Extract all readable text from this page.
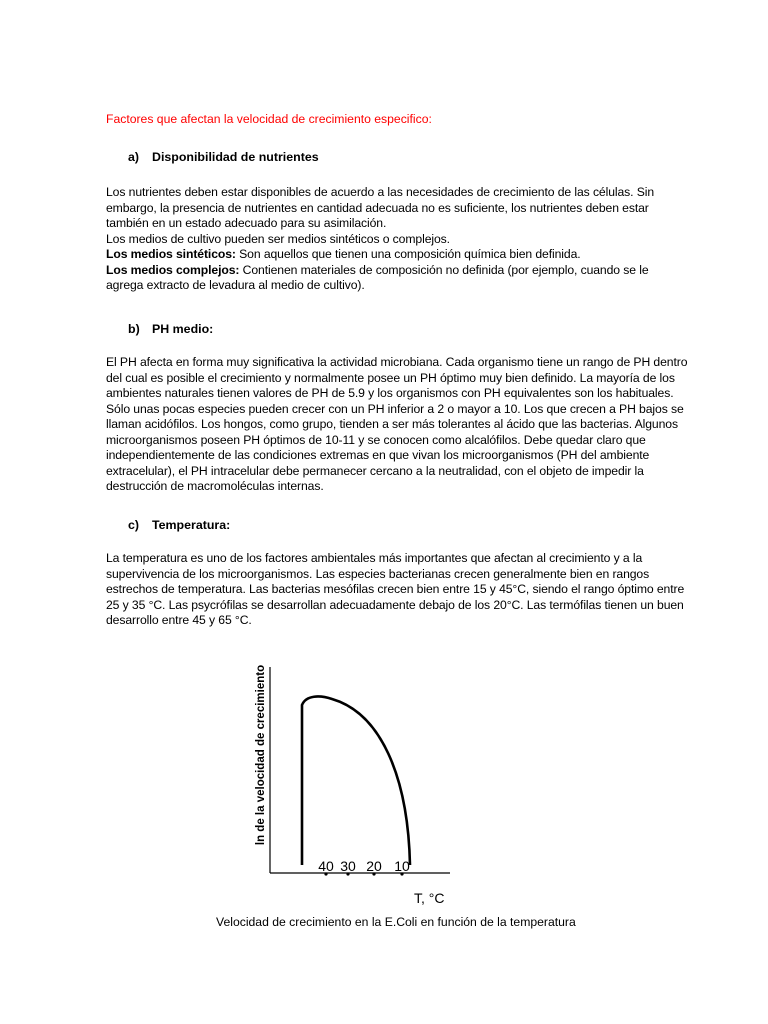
Factores que afectan la velocidad de crecimiento especifico:
a) Disponibilidad de nutrientes
Los nutrientes deben estar disponibles de acuerdo a las necesidades de crecimiento de las células. Sin
embargo, la presencia de nutrientes en cantidad adecuada no es suficiente, los nutrientes deben estar
también en un estado adecuado para su asimilación.
Los medios de cultivo pueden ser medios sintéticos o complejos.
Los medios sintéticos: Son aquellos que tienen una composición química bien definida.
Los medios complejos: Contienen materiales de composición no definida (por ejemplo, cuando se le
agrega extracto de levadura al medio de cultivo).
b) PH medio:
El PH afecta en forma muy significativa la actividad microbiana. Cada organismo tiene un rango de PH dentro
del cual es posible el crecimiento y normalmente posee un PH óptimo muy bien definido. La mayoría de los
ambientes naturales tienen valores de PH de 5.9 y los organismos con PH equivalentes son los habituales.
Sólo unas pocas especies pueden crecer con un PH inferior a 2 o mayor a 10. Los que crecen a PH bajos se
llaman acidófilos. Los hongos, como grupo, tienden a ser más tolerantes al ácido que las bacterias. Algunos
microorganismos poseen PH óptimos de 10-11 y se conocen como alcalófilos. Debe quedar claro que
independientemente de las condiciones extremas en que vivan los microorganismos (PH del ambiente
extracelular), el PH intracelular debe permanecer cercano a la neutralidad, con el objeto de impedir la
destrucción de macromoléculas internas.
c) Temperatura:
La temperatura es uno de los factores ambientales más importantes que afectan al crecimiento y a la
supervivencia de los microorganismos. Las especies bacterianas crecen generalmente bien en rangos
estrechos de temperatura. Las bacterias mesófilas crecen bien entre 15 y 45°C, siendo el rango óptimo entre
25 y 35 °C. Las psycrófilas se desarrollan adecuadamente debajo de los 20°C. Las termófilas tienen un buen
desarrollo entre 45 y 65 °C.
ln de la velocidad de crecimiento
40 30 20 10
T, °C
Velocidad de crecimiento en la E.Coli en función de la temperatura
